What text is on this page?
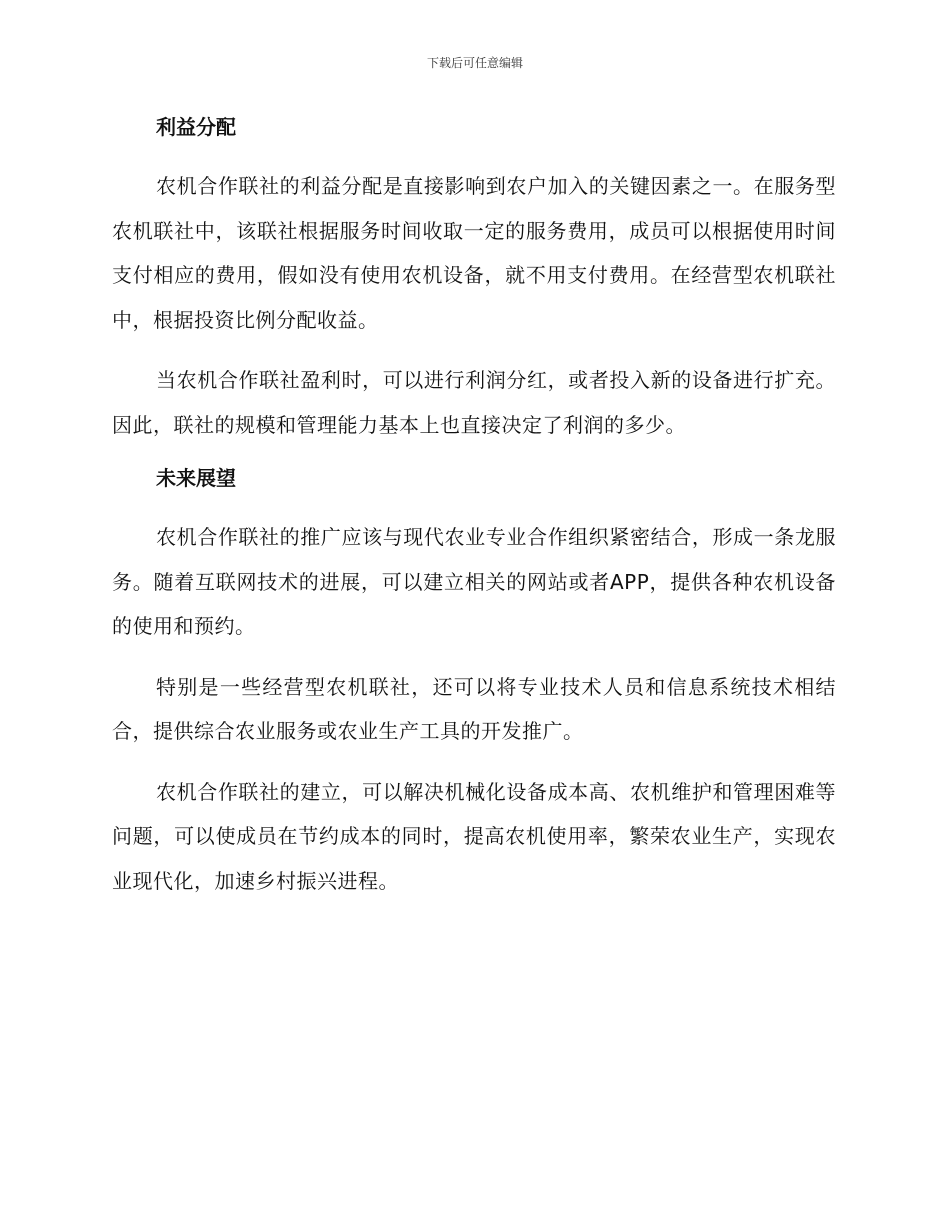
下载后可任意编辑
利益分配

农机合作联社的利益分配是直接影响到农户加入的关键因素之一。在服务型农机联社中，该联社根据服务时间收取一定的服务费用，成员可以根据使用时间支付相应的费用，假如没有使用农机设备，就不用支付费用。在经营型农机联社中，根据投资比例分配收益。

当农机合作联社盈利时，可以进行利润分红，或者投入新的设备进行扩充。因此，联社的规模和管理能力基本上也直接决定了利润的多少。

未来展望

农机合作联社的推广应该与现代农业专业合作组织紧密结合，形成一条龙服务。随着互联网技术的进展，可以建立相关的网站或者APP，提供各种农机设备的使用和预约。

特别是一些经营型农机联社，还可以将专业技术人员和信息系统技术相结合，提供综合农业服务或农业生产工具的开发推广。

农机合作联社的建立，可以解决机械化设备成本高、农机维护和管理困难等问题，可以使成员在节约成本的同时，提高农机使用率，繁荣农业生产，实现农业现代化，加速乡村振兴进程。
